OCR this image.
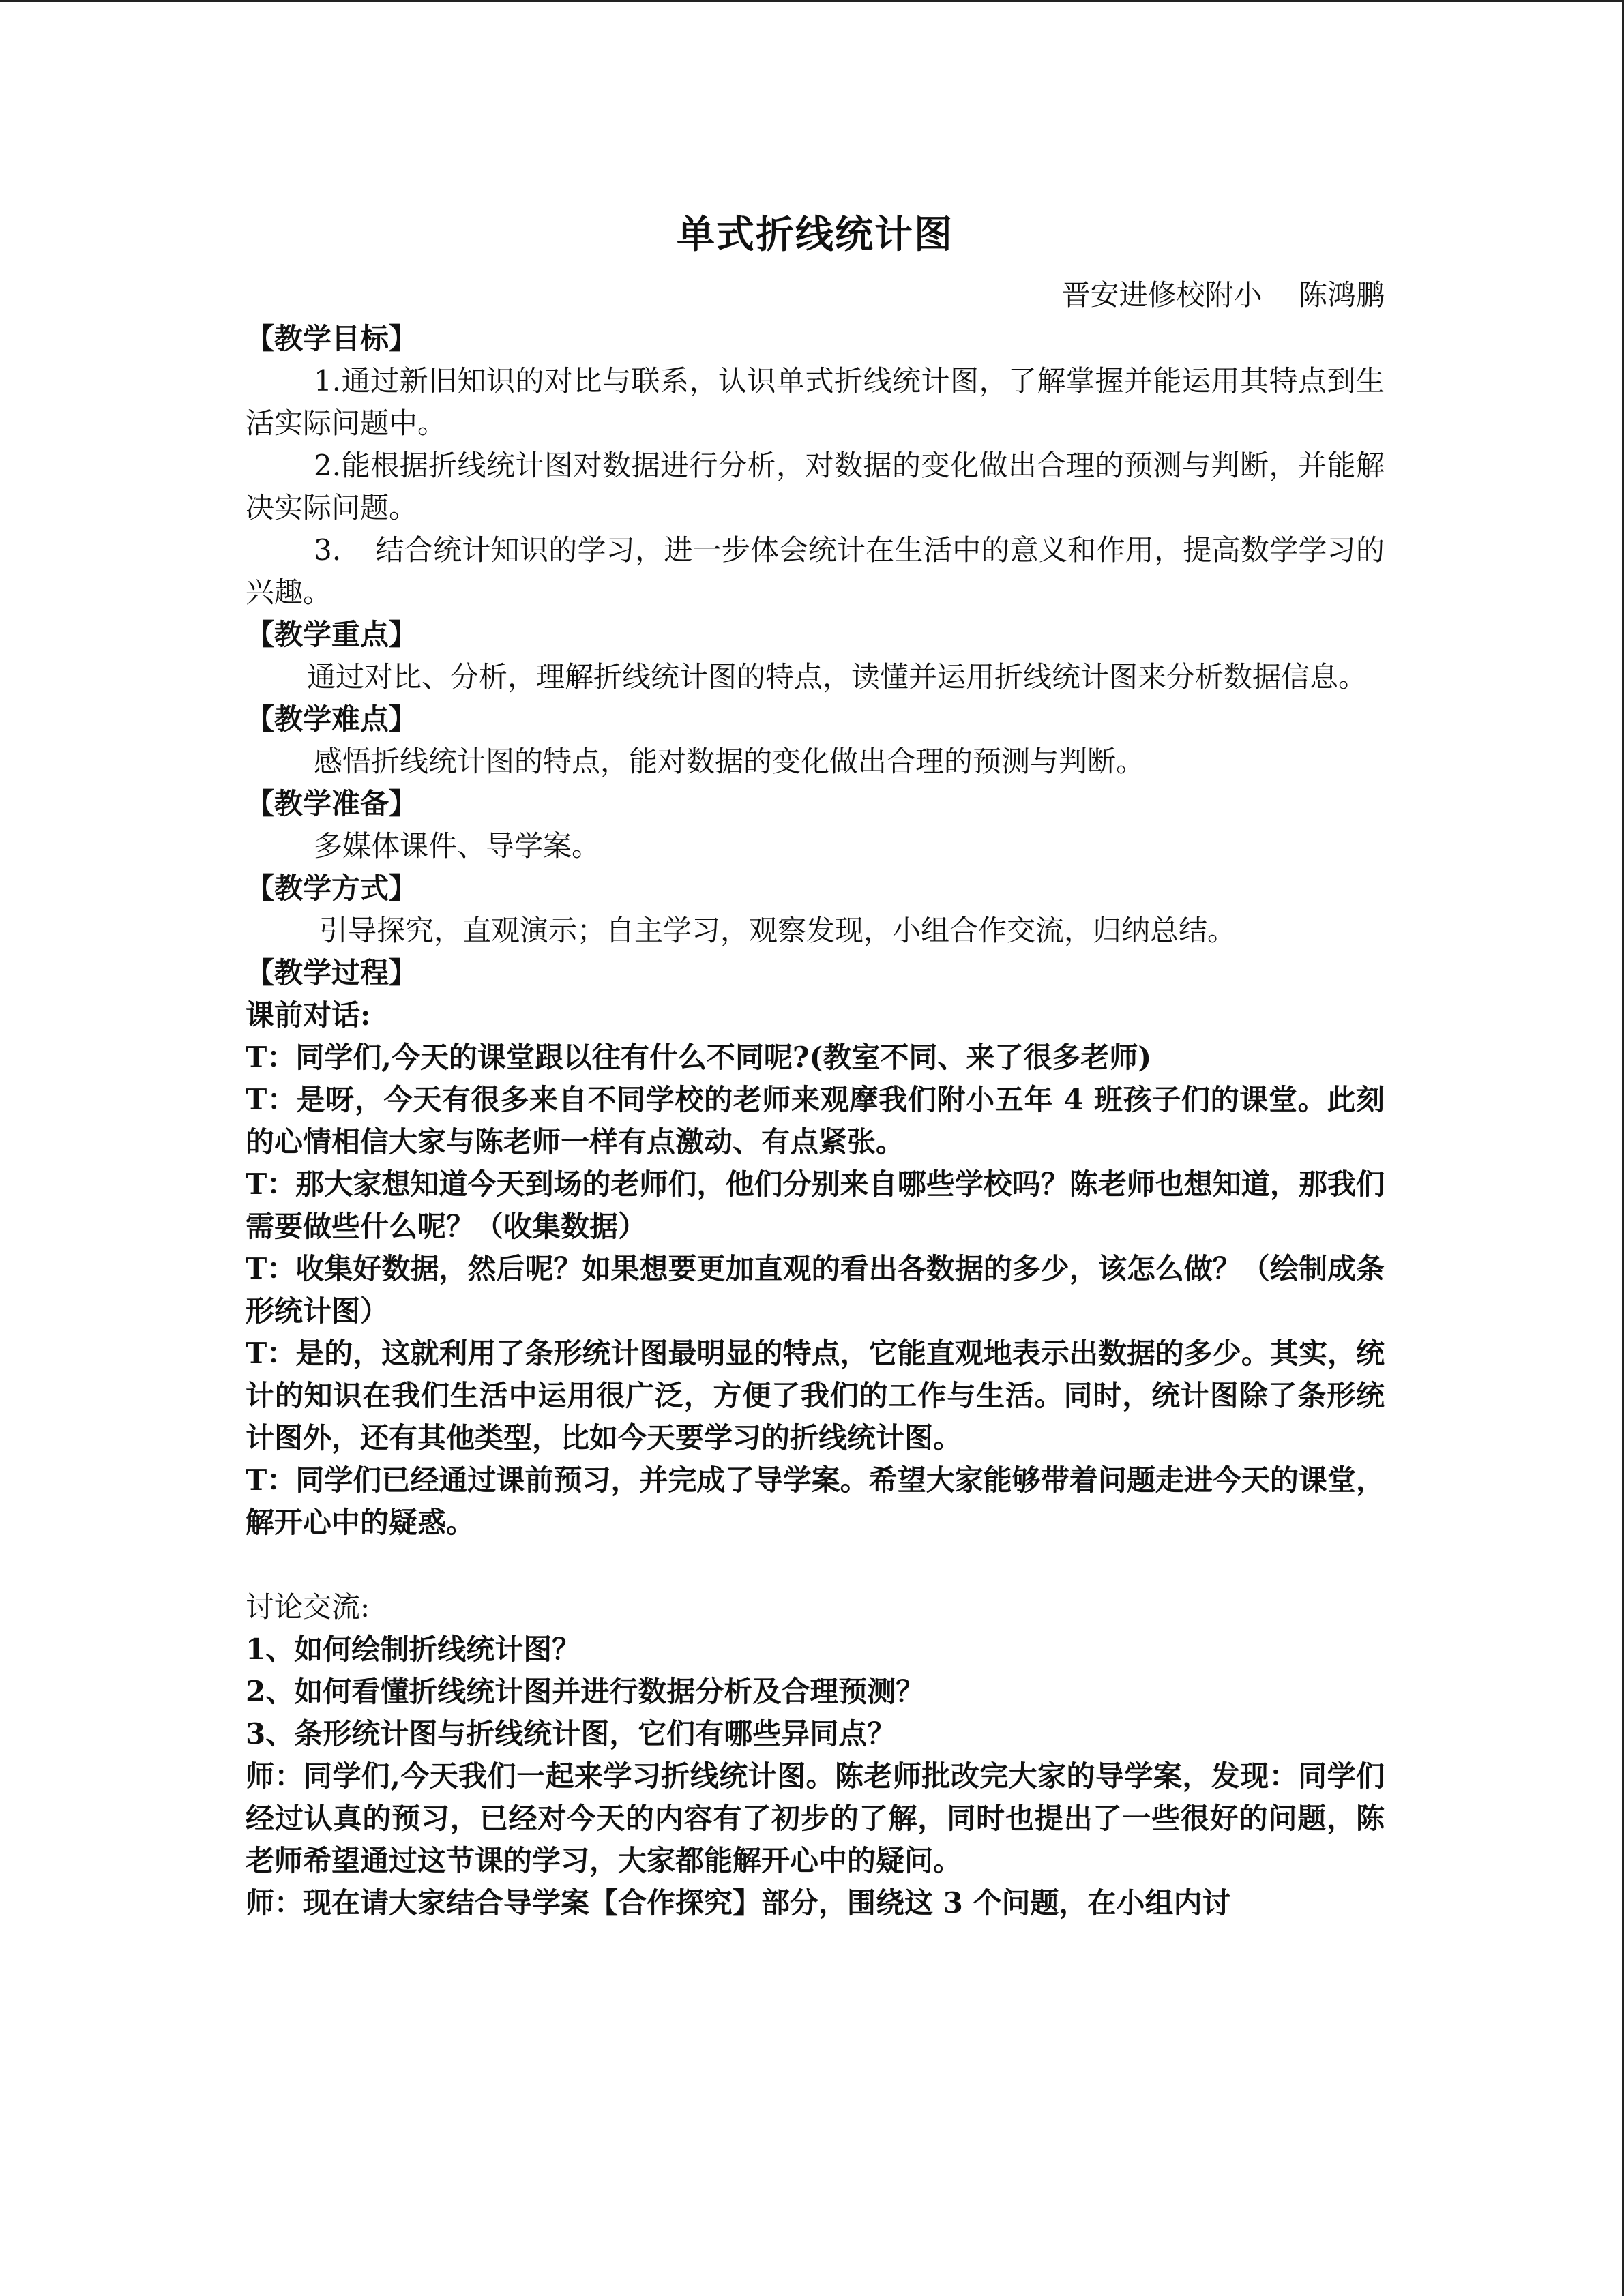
单式折线统计图
晋安进修校附小    陈鸿鹏

【教学目标】

1.通过新旧知识的对比与联系，认识单式折线统计图，了解掌握并能运用其特点到生活实际问题中。

2.能根据折线统计图对数据进行分析，对数据的变化做出合理的预测与判断，并能解决实际问题。

3．　结合统计知识的学习，进一步体会统计在生活中的意义和作用，提高数学学习的兴趣。

【教学重点】

通过对比、分析，理解折线统计图的特点，读懂并运用折线统计图来分析数据信息。

【教学难点】

感悟折线统计图的特点，能对数据的变化做出合理的预测与判断。

【教学准备】

多媒体课件、导学案。

【教学方式】

引导探究，直观演示；自主学习，观察发现，小组合作交流，归纳总结。

【教学过程】

课前对话:

T：同学们,今天的课堂跟以往有什么不同呢?(教室不同、来了很多老师)

T：是呀，今天有很多来自不同学校的老师来观摩我们附小五年 4 班孩子们的课堂。此刻的心情相信大家与陈老师一样有点激动、有点紧张。

T：那大家想知道今天到场的老师们，他们分别来自哪些学校吗？陈老师也想知道，那我们需要做些什么呢？（收集数据）

T：收集好数据，然后呢？如果想要更加直观的看出各数据的多少，该怎么做？（绘制成条形统计图）

T：是的，这就利用了条形统计图最明显的特点，它能直观地表示出数据的多少。其实，统计的知识在我们生活中运用很广泛，方便了我们的工作与生活。同时，统计图除了条形统计图外，还有其他类型，比如今天要学习的折线统计图。

T：同学们已经通过课前预习，并完成了导学案。希望大家能够带着问题走进今天的课堂，解开心中的疑惑。

讨论交流:

1、如何绘制折线统计图？

2、如何看懂折线统计图并进行数据分析及合理预测？

3、条形统计图与折线统计图，它们有哪些异同点？

师：同学们,今天我们一起来学习折线统计图。陈老师批改完大家的导学案，发现：同学们经过认真的预习，已经对今天的内容有了初步的了解，同时也提出了一些很好的问题，陈老师希望通过这节课的学习，大家都能解开心中的疑问。

师：现在请大家结合导学案【合作探究】部分，围绕这 3 个问题，在小组内讨
